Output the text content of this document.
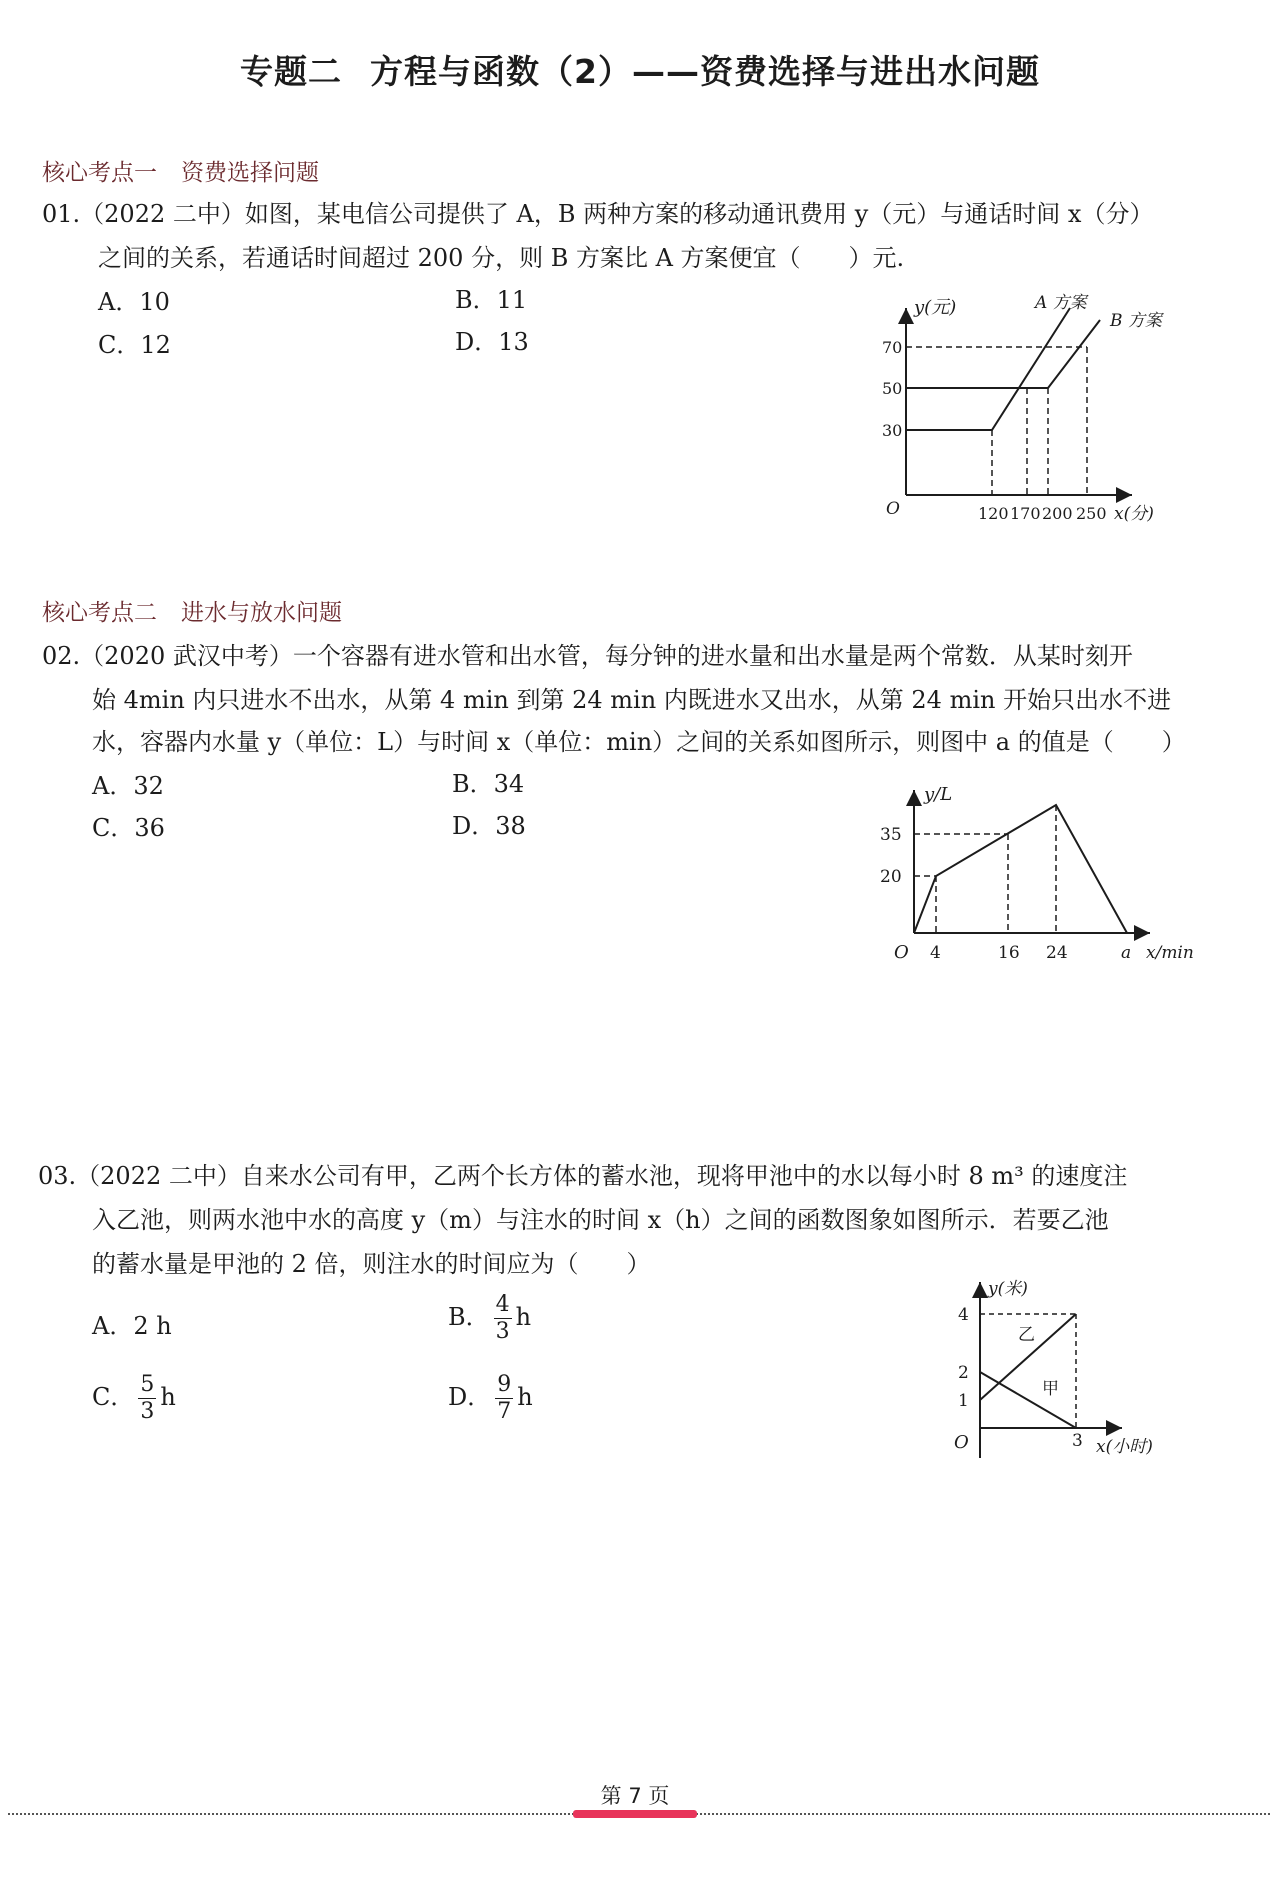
专题二 方程与函数（2）——资费选择与进出水问题
核心考点一 资费选择问题
01.（2022 二中）如图，某电信公司提供了 A，B 两种方案的移动通讯费用 y（元）与通话时间 x（分）
之间的关系，若通话时间超过 200 分，则 B 方案比 A 方案便宜（　　）元.
A．10	B．11
C．12	D．13
y(元)	A 方案
B 方案
70
50
30
O	120 170 200 250 x(分)
核心考点二 进水与放水问题
02.（2020 武汉中考）一个容器有进水管和出水管，每分钟的进水量和出水量是两个常数．从某时刻开
始 4min 内只进水不出水，从第 4 min 到第 24 min 内既进水又出水，从第 24 min 开始只出水不进
水，容器内水量 y（单位：L）与时间 x（单位：min）之间的关系如图所示，则图中 a 的值是（　　）
A．32	B．34
C．36	D．38
y/L
35
20
O 4	16 24	a x/min
03.（2022 二中）自来水公司有甲，乙两个长方体的蓄水池，现将甲池中的水以每小时 8 m³ 的速度注
入乙池，则两水池中水的高度 y（m）与注水的时间 x（h）之间的函数图象如图所示．若要乙池
的蓄水量是甲池的 2 倍，则注水的时间应为（　　）
A．2 h	B． $\frac{4}{3}$ h
C． $\frac{5}{3}$ h	D． $\frac{9}{7}$ h
y(米)
4
2
1
O	3 x(小时)
乙
甲
第 7 页
